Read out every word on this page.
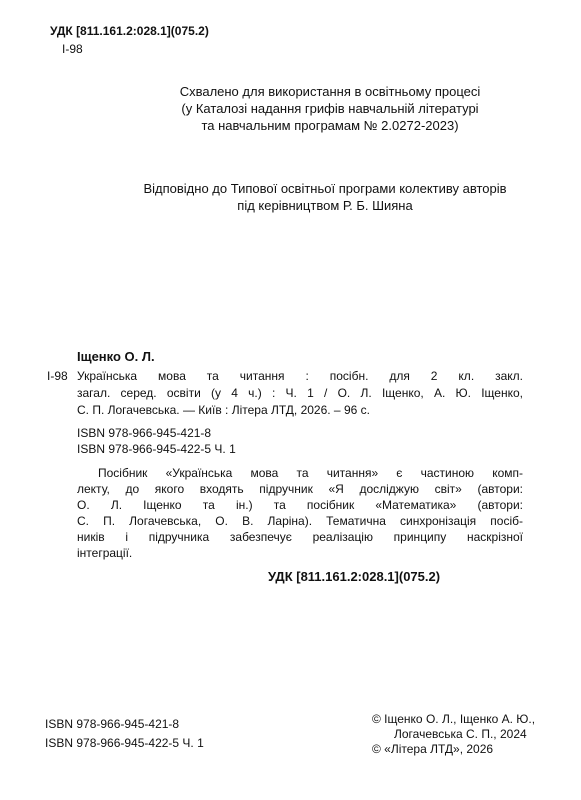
УДК [811.161.2:028.1](075.2)
І-98
Схвалено для використання в освітньому процесі
(у Каталозі надання грифів навчальній літературі
та навчальним програмам № 2.0272-2023)
Відповідно до Типової освітньої програми колективу авторів
під керівництвом Р. Б. Шияна
Іщенко О. Л.
І-98 Українська мова та читання : посібн. для 2 кл. закл.
загал. серед. освіти (у 4 ч.) : Ч. 1 / О. Л. Іщенко, А. Ю. Іщенко,
С. П. Логачевська. — Київ : Літера ЛТД, 2026. – 96 с.
ISBN 978-966-945-421-8
ISBN 978-966-945-422-5 Ч. 1
Посібник «Українська мова та читання» є частиною комп-
лекту, до якого входять підручник «Я досліджую світ» (автори:
О. Л. Іщенко та ін.) та посібник «Математика» (автори:
С. П. Логачевська, О. В. Ларіна). Тематична синхронізація посіб-
ників і підручника забезпечує реалізацію принципу наскрізної
інтеграції.
УДК [811.161.2:028.1](075.2)
ISBN 978-966-945-421-8
ISBN 978-966-945-422-5 Ч. 1
© Іщенко О. Л., Іщенко А. Ю.,
Логачевська С. П., 2024
© «Літера ЛТД», 2026
